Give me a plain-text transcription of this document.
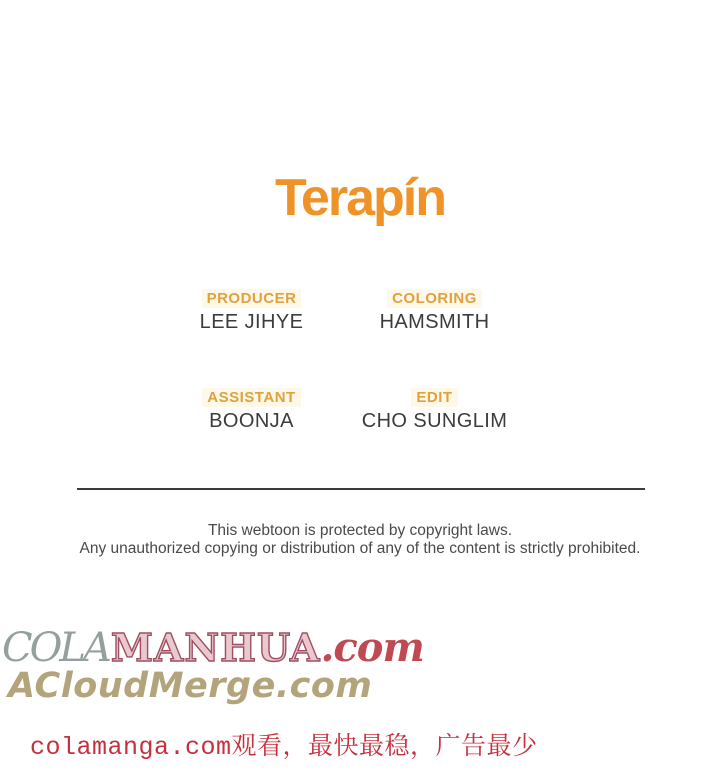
Terapín
PRODUCER
LEE JIHYE
COLORING
HAMSMITH
ASSISTANT
BOONJA
EDIT
CHO SUNGLIM
This webtoon is protected by copyright laws.
Any unauthorized copying or distribution of any of the content is strictly prohibited.
COLAMANHUA.com
ACloudMerge.com
colamanga.com观看，最快最稳，广告最少
